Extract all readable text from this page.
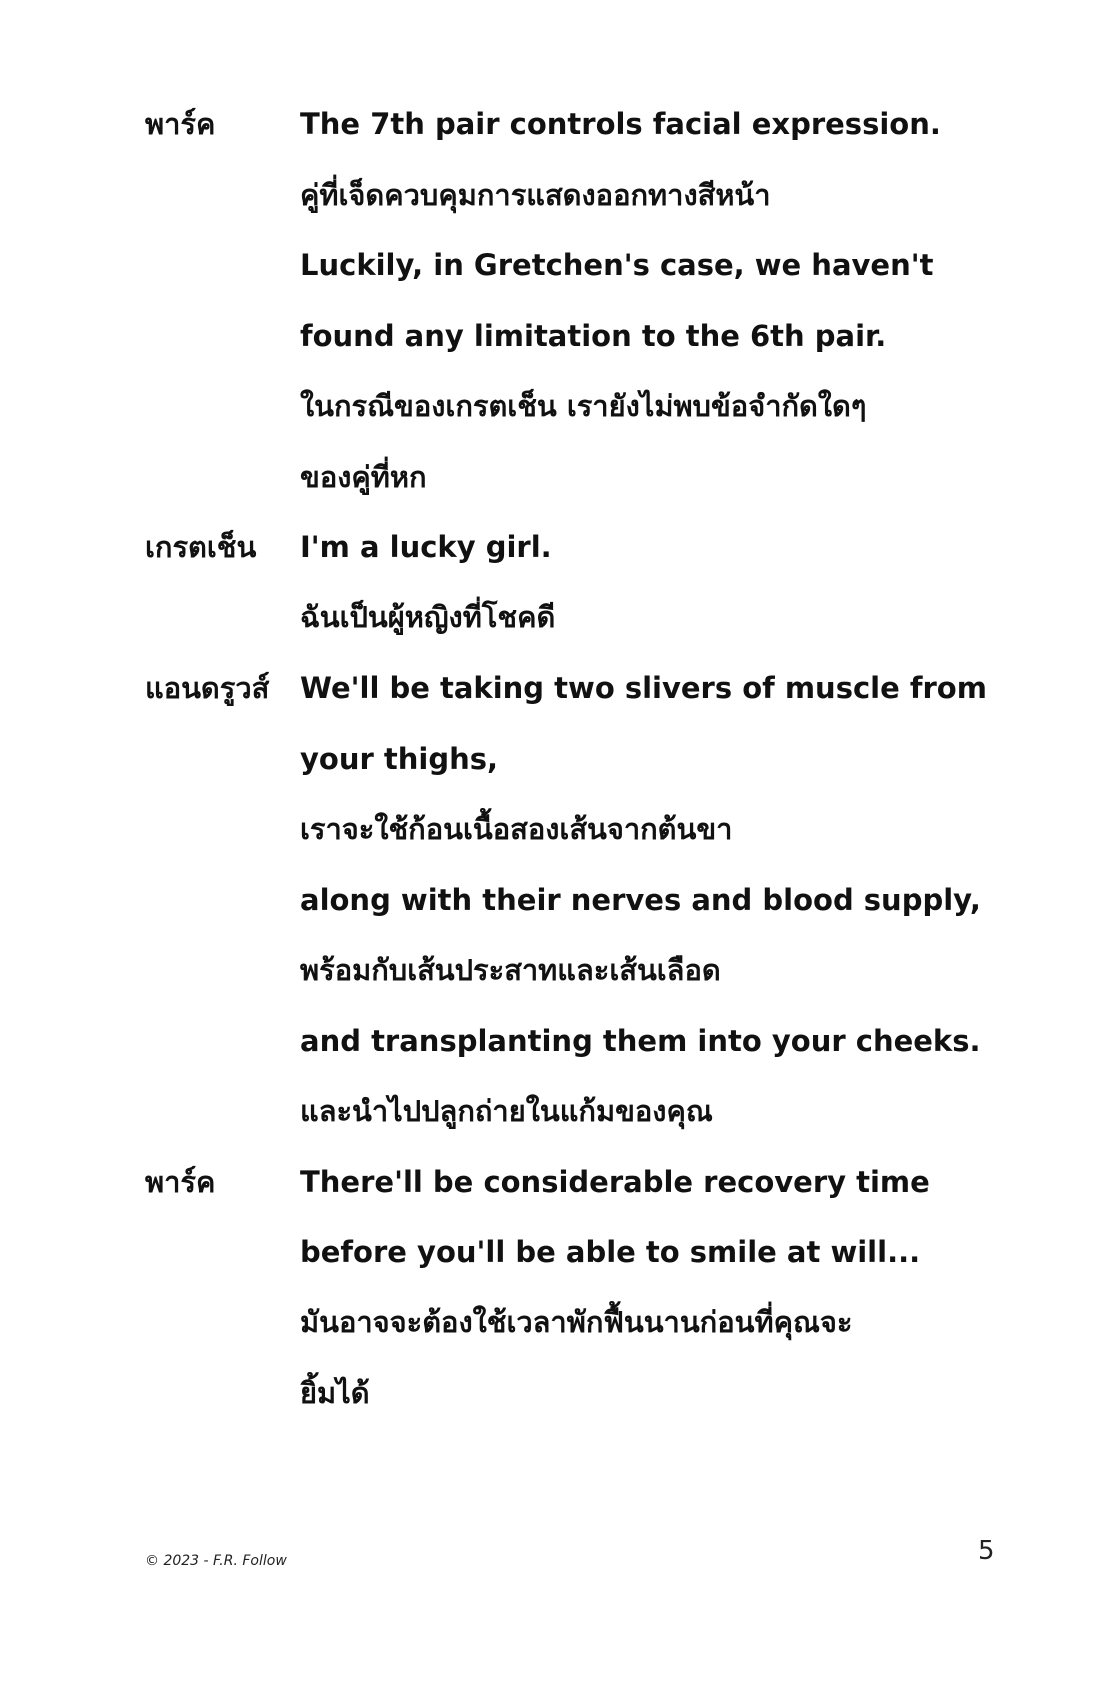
พาร์ค	The 7th pair controls facial expression.
คู่ที่เจ็ดควบคุมการแสดงออกทางสีหน้า
Luckily, in Gretchen's case, we haven't
found any limitation to the 6th pair.
ในกรณีของเกรตเช็น เรายังไม่พบข้อจำกัดใดๆ
ของคู่ที่หก
เกรตเช็น I'm a lucky girl.
ฉันเป็นผู้หญิงที่โชคดี
แอนดรูวส์ We'll be taking two slivers of muscle from
your thighs,
เราจะใช้ก้อนเนื้อสองเส้นจากต้นขา
along with their nerves and blood supply,
พร้อมกับเส้นประสาทและเส้นเลือด
and transplanting them into your cheeks.
และนำไปปลูกถ่ายในแก้มของคุณ
พาร์ค	There'll be considerable recovery time
before you'll be able to smile at will...
มันอาจจะต้องใช้เวลาพักฟื้นนานก่อนที่คุณจะ
ยิ้มได้
© 2023 - F.R. Follow	5
